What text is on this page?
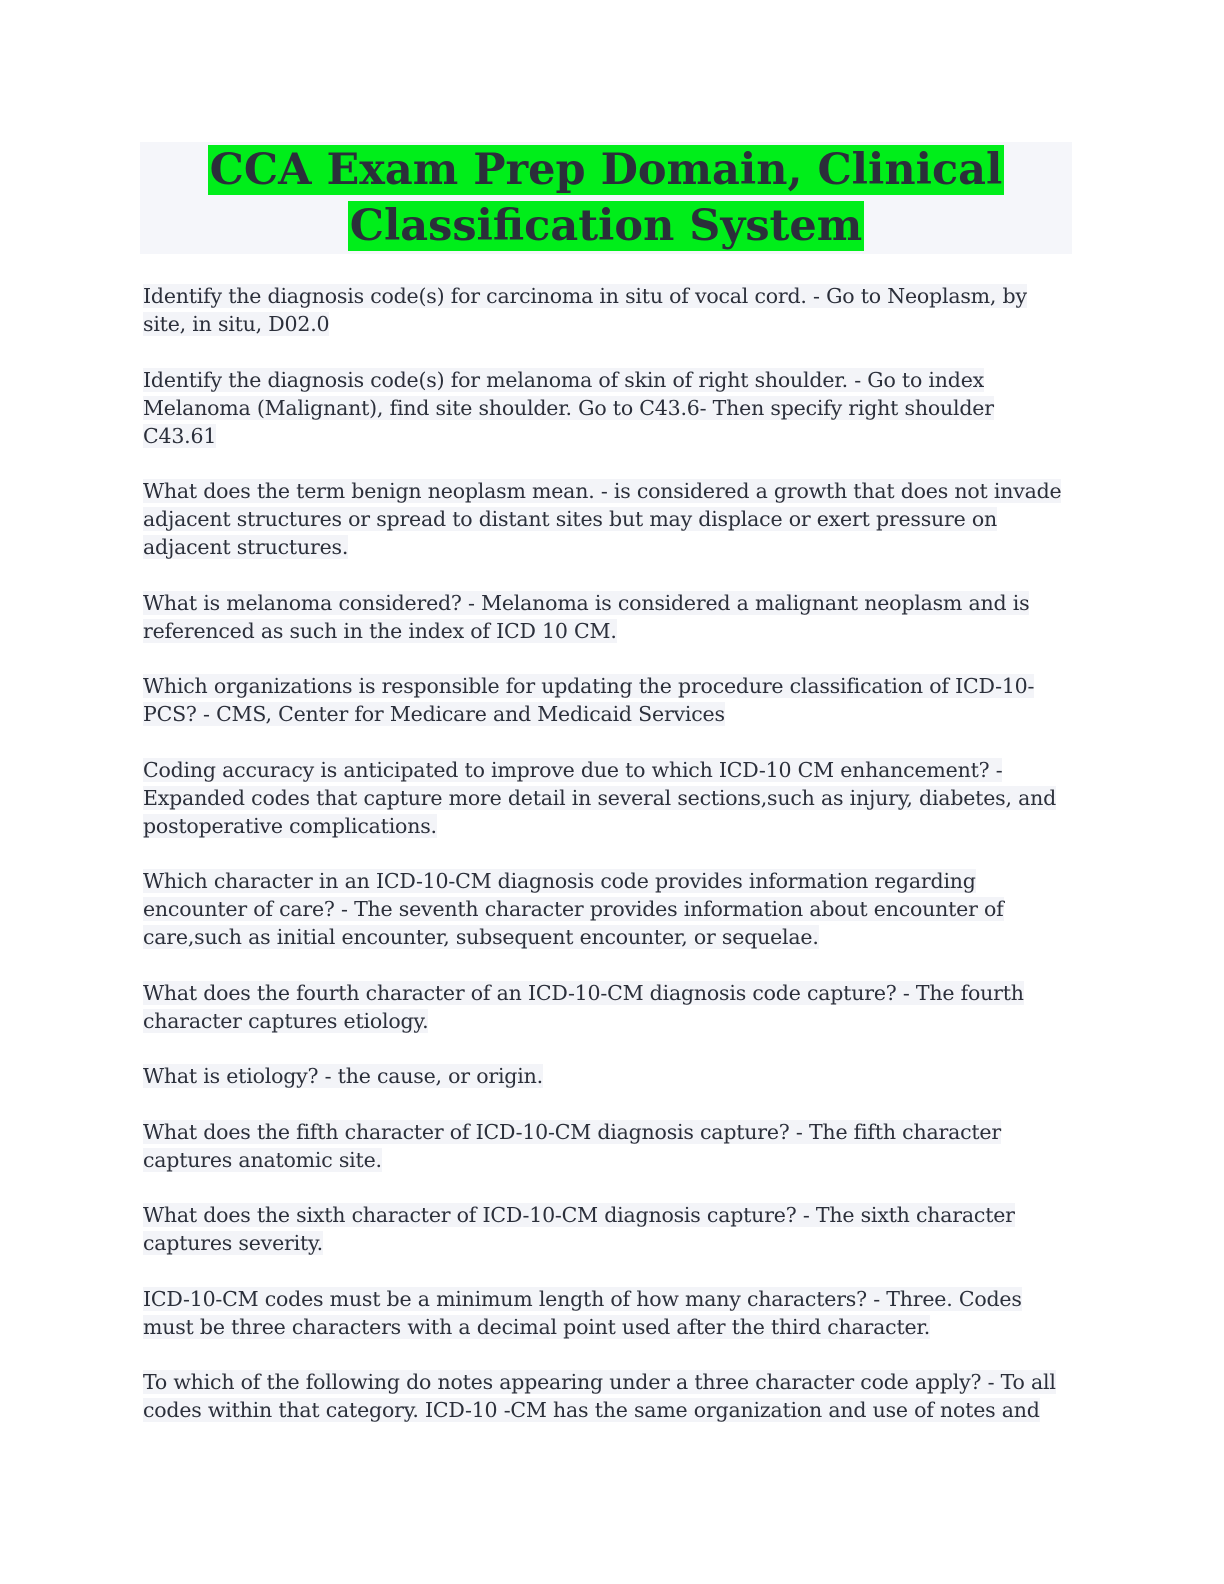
CCA Exam Prep Domain, Clinical
Classification System

Identify the diagnosis code(s) for carcinoma in situ of vocal cord. - Go to Neoplasm, by site, in situ, D02.0

Identify the diagnosis code(s) for melanoma of skin of right shoulder. - Go to index Melanoma (Malignant), find site shoulder. Go to C43.6- Then specify right shoulder C43.61

What does the term benign neoplasm mean. - is considered a growth that does not invade adjacent structures or spread to distant sites but may displace or exert pressure on adjacent structures.

What is melanoma considered? - Melanoma is considered a malignant neoplasm and is referenced as such in the index of ICD 10 CM.

Which organizations is responsible for updating the procedure classification of ICD-10-PCS? - CMS, Center for Medicare and Medicaid Services

Coding accuracy is anticipated to improve due to which ICD-10 CM enhancement? - Expanded codes that capture more detail in several sections,such as injury, diabetes, and postoperative complications.

Which character in an ICD-10-CM diagnosis code provides information regarding encounter of care? - The seventh character provides information about encounter of care,such as initial encounter, subsequent encounter, or sequelae.

What does the fourth character of an ICD-10-CM diagnosis code capture? - The fourth character captures etiology.

What is etiology? - the cause, or origin.

What does the fifth character of ICD-10-CM diagnosis capture? - The fifth character captures anatomic site.

What does the sixth character of ICD-10-CM diagnosis capture? - The sixth character captures severity.

ICD-10-CM codes must be a minimum length of how many characters? - Three. Codes must be three characters with a decimal point used after the third character.

To which of the following do notes appearing under a three character code apply? - To all codes within that category. ICD-10 -CM has the same organization and use of notes and
